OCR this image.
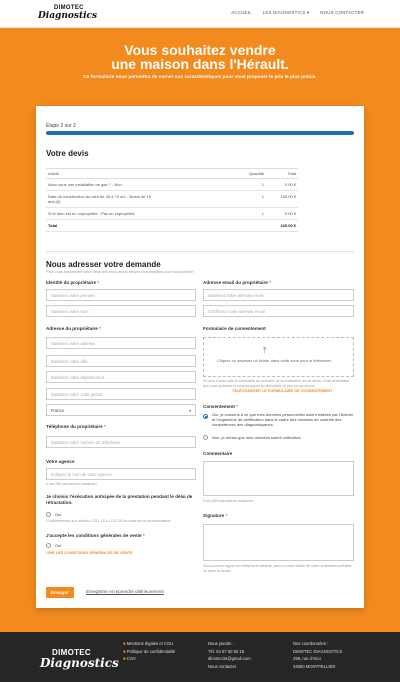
DIMOTEC
Diagnostics	ACCUEIL	LES DIAGNOSTICS ▾	NOUS CONTACTER
Vous souhaitez vendre
une maison dans l'Hérault.
Ce formulaire nous permettra de cerner vos caractéristiques pour vous proposer le prix le plus précis.
Étape 2 sur 2
Votre devis
Article	Quantité	Total
Avez-vous une installation de gaz ? - Non	1	0.00 €
Date de construction du bien de 45 à 70 m2 - Moins de 15 ans (6)	1	165.00 €
Si le bien est en copropriété - Pas en copropriété	1	0.00 €
Total		165.00 €
Nous adresser votre demande
Pour vous transmettre votre devis dès nous avons besoin d'informations pour vous joindre.
Identité du propriétaire *
Saisissez votre prénom
Saisissez votre nom
Adresse du propriétaire *
Saisissez votre adresse
Saisissez votre ville
Saisissez votre département
Saisissez votre code postal
France	▾
Téléphone du propriétaire *
Saisissez votre numéro de téléphone
Votre agence
Indiquez le nom de votre agence
0 sur 250 caractères maximum
Je choisis l'exécution anticipée de la prestation pendant le délai de rétractation.
Oui
Conformément aux articles L221-18 à L221-28 du code de la consommation.
J'accepte les conditions générales de vente *
Oui
LIRE LES CONDITIONS GÉNÉRALES DE VENTE
Adresse email du propriétaire *
Saisissez votre adresse email
Confirmez votre adresse email
Formulaire de consentement
⤒
Cliquez ou déposez un fichier dans cette zone pour le téléverser.
Si vous n'avez pas le formulaire au moment de la réalisation de ce devis, il est nécessaire que vous puissiez le communiquer au technicien le jour de sa venue.
TÉLÉCHARGER LE FORMULAIRE DE CONSENTEMENT
Consentement *
Oui, je consens à ce que mes données personnelles soient traitées par l'Ademe et l'organisme de certification dans le cadre des missions de contrôle des compétences des diagnostiqueurs.
Non, je refuse que mes données soient collectées.
Commentaire
0 sur 600 caractères maximum
Signature *
Vous pouvez signer sur téléphone tablette, avec le pavé tactile de votre ordinateur portable ou avec la souris.
Envoyer	Enregistrer et reprendre ultérieurement
DIMOTEC
Diagnostics
■ Mentions légales et CGU
■ Politique de confidentialité
■ CGV
Nous joindre :
Tél. 04 67 60 50 18
dimotec34@gmail.com
Nous contacter
Nos coordonnées :
DIMOTEC DIAGNOSTICS
298, rue d'Alco
34080 MONTPELLIER
